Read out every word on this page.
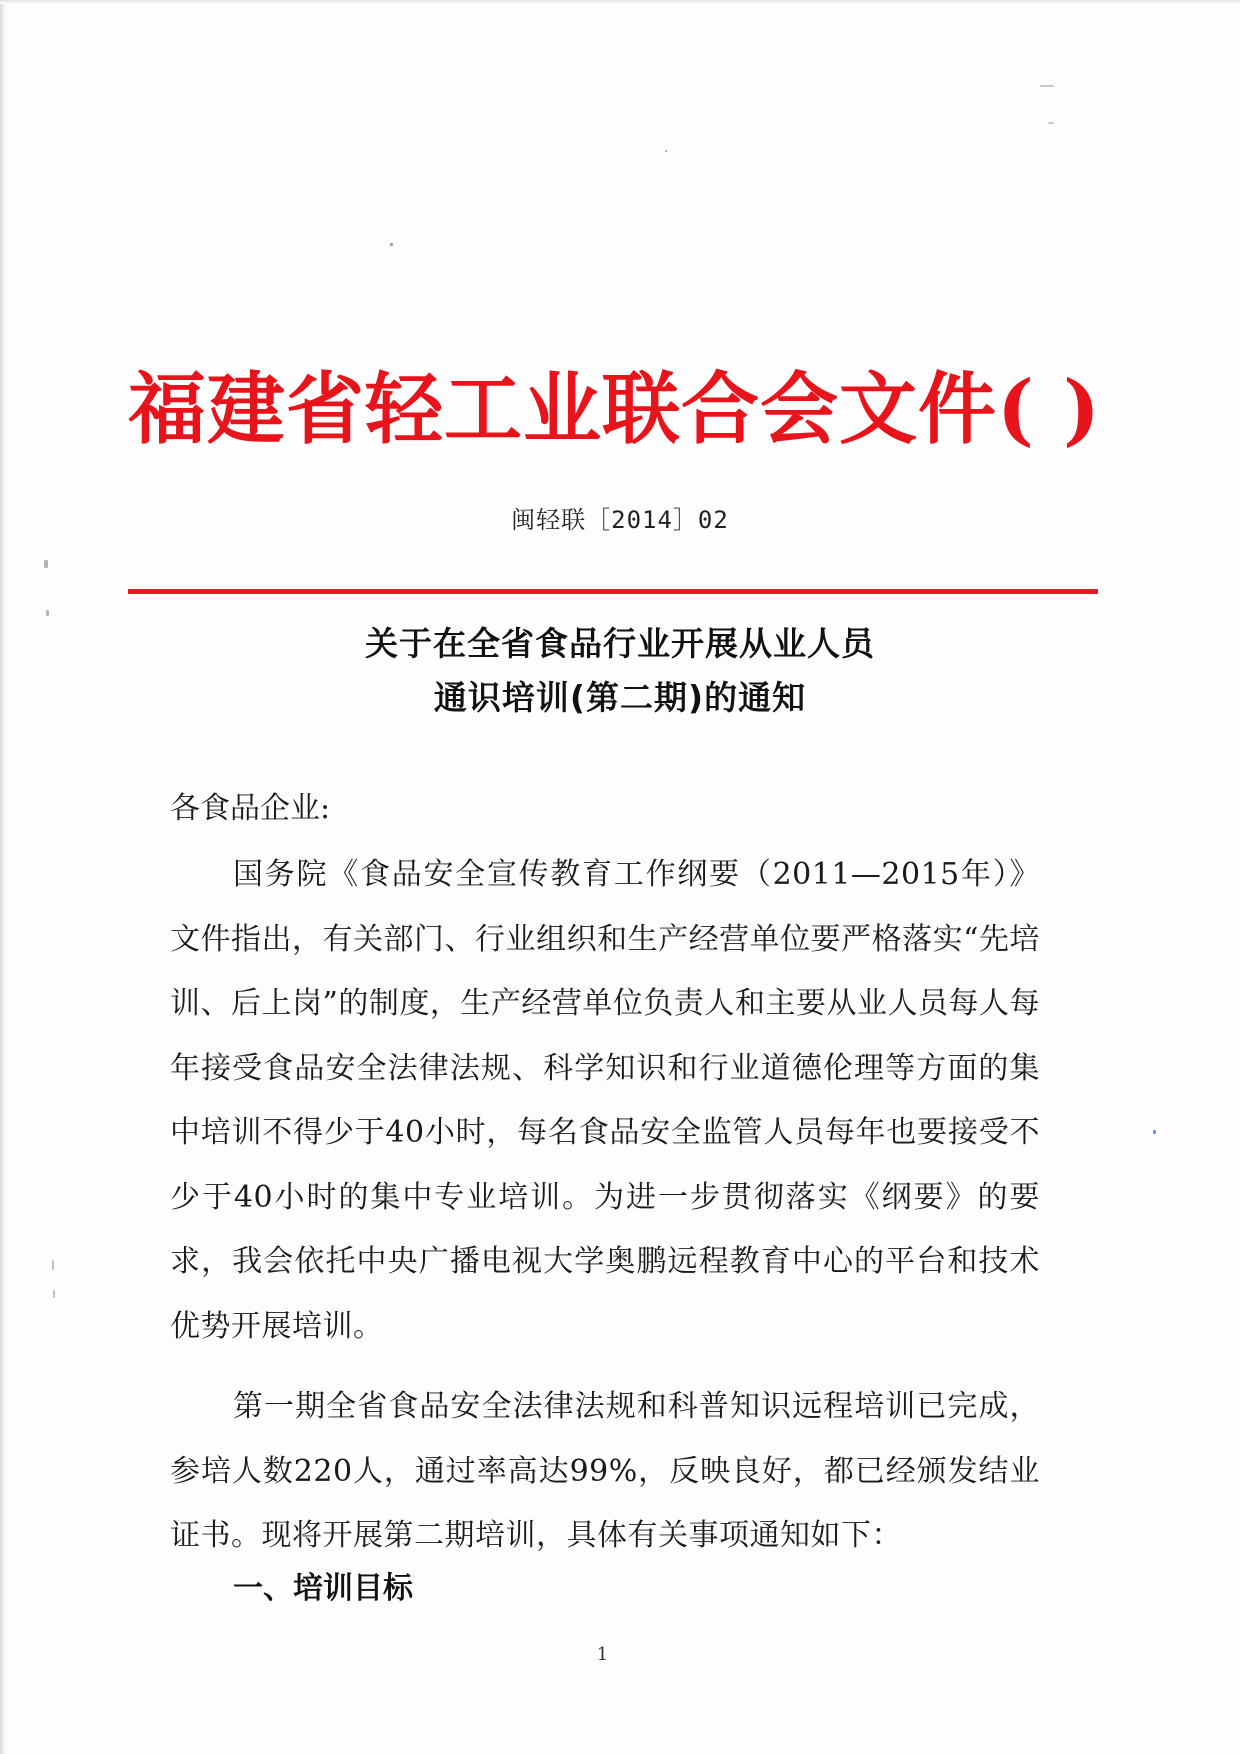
福建省轻工业联合会文件( )
闽轻联［2014］02
关于在全省食品行业开展从业人员
通识培训(第二期)的通知
各食品企业:
国务院《食品安全宣传教育工作纲要（2011—2015年）》文件指出，有关部门、行业组织和生产经营单位要严格落实“先培训、后上岗”的制度，生产经营单位负责人和主要从业人员每人每年接受食品安全法律法规、科学知识和行业道德伦理等方面的集中培训不得少于40小时，每名食品安全监管人员每年也要接受不少于40小时的集中专业培训。为进一步贯彻落实《纲要》的要求，我会依托中央广播电视大学奥鹏远程教育中心的平台和技术优势开展培训。
第一期全省食品安全法律法规和科普知识远程培训已完成，参培人数220人，通过率高达99%，反映良好，都已经颁发结业证书。现将开展第二期培训，具体有关事项通知如下：
一、培训目标
1
